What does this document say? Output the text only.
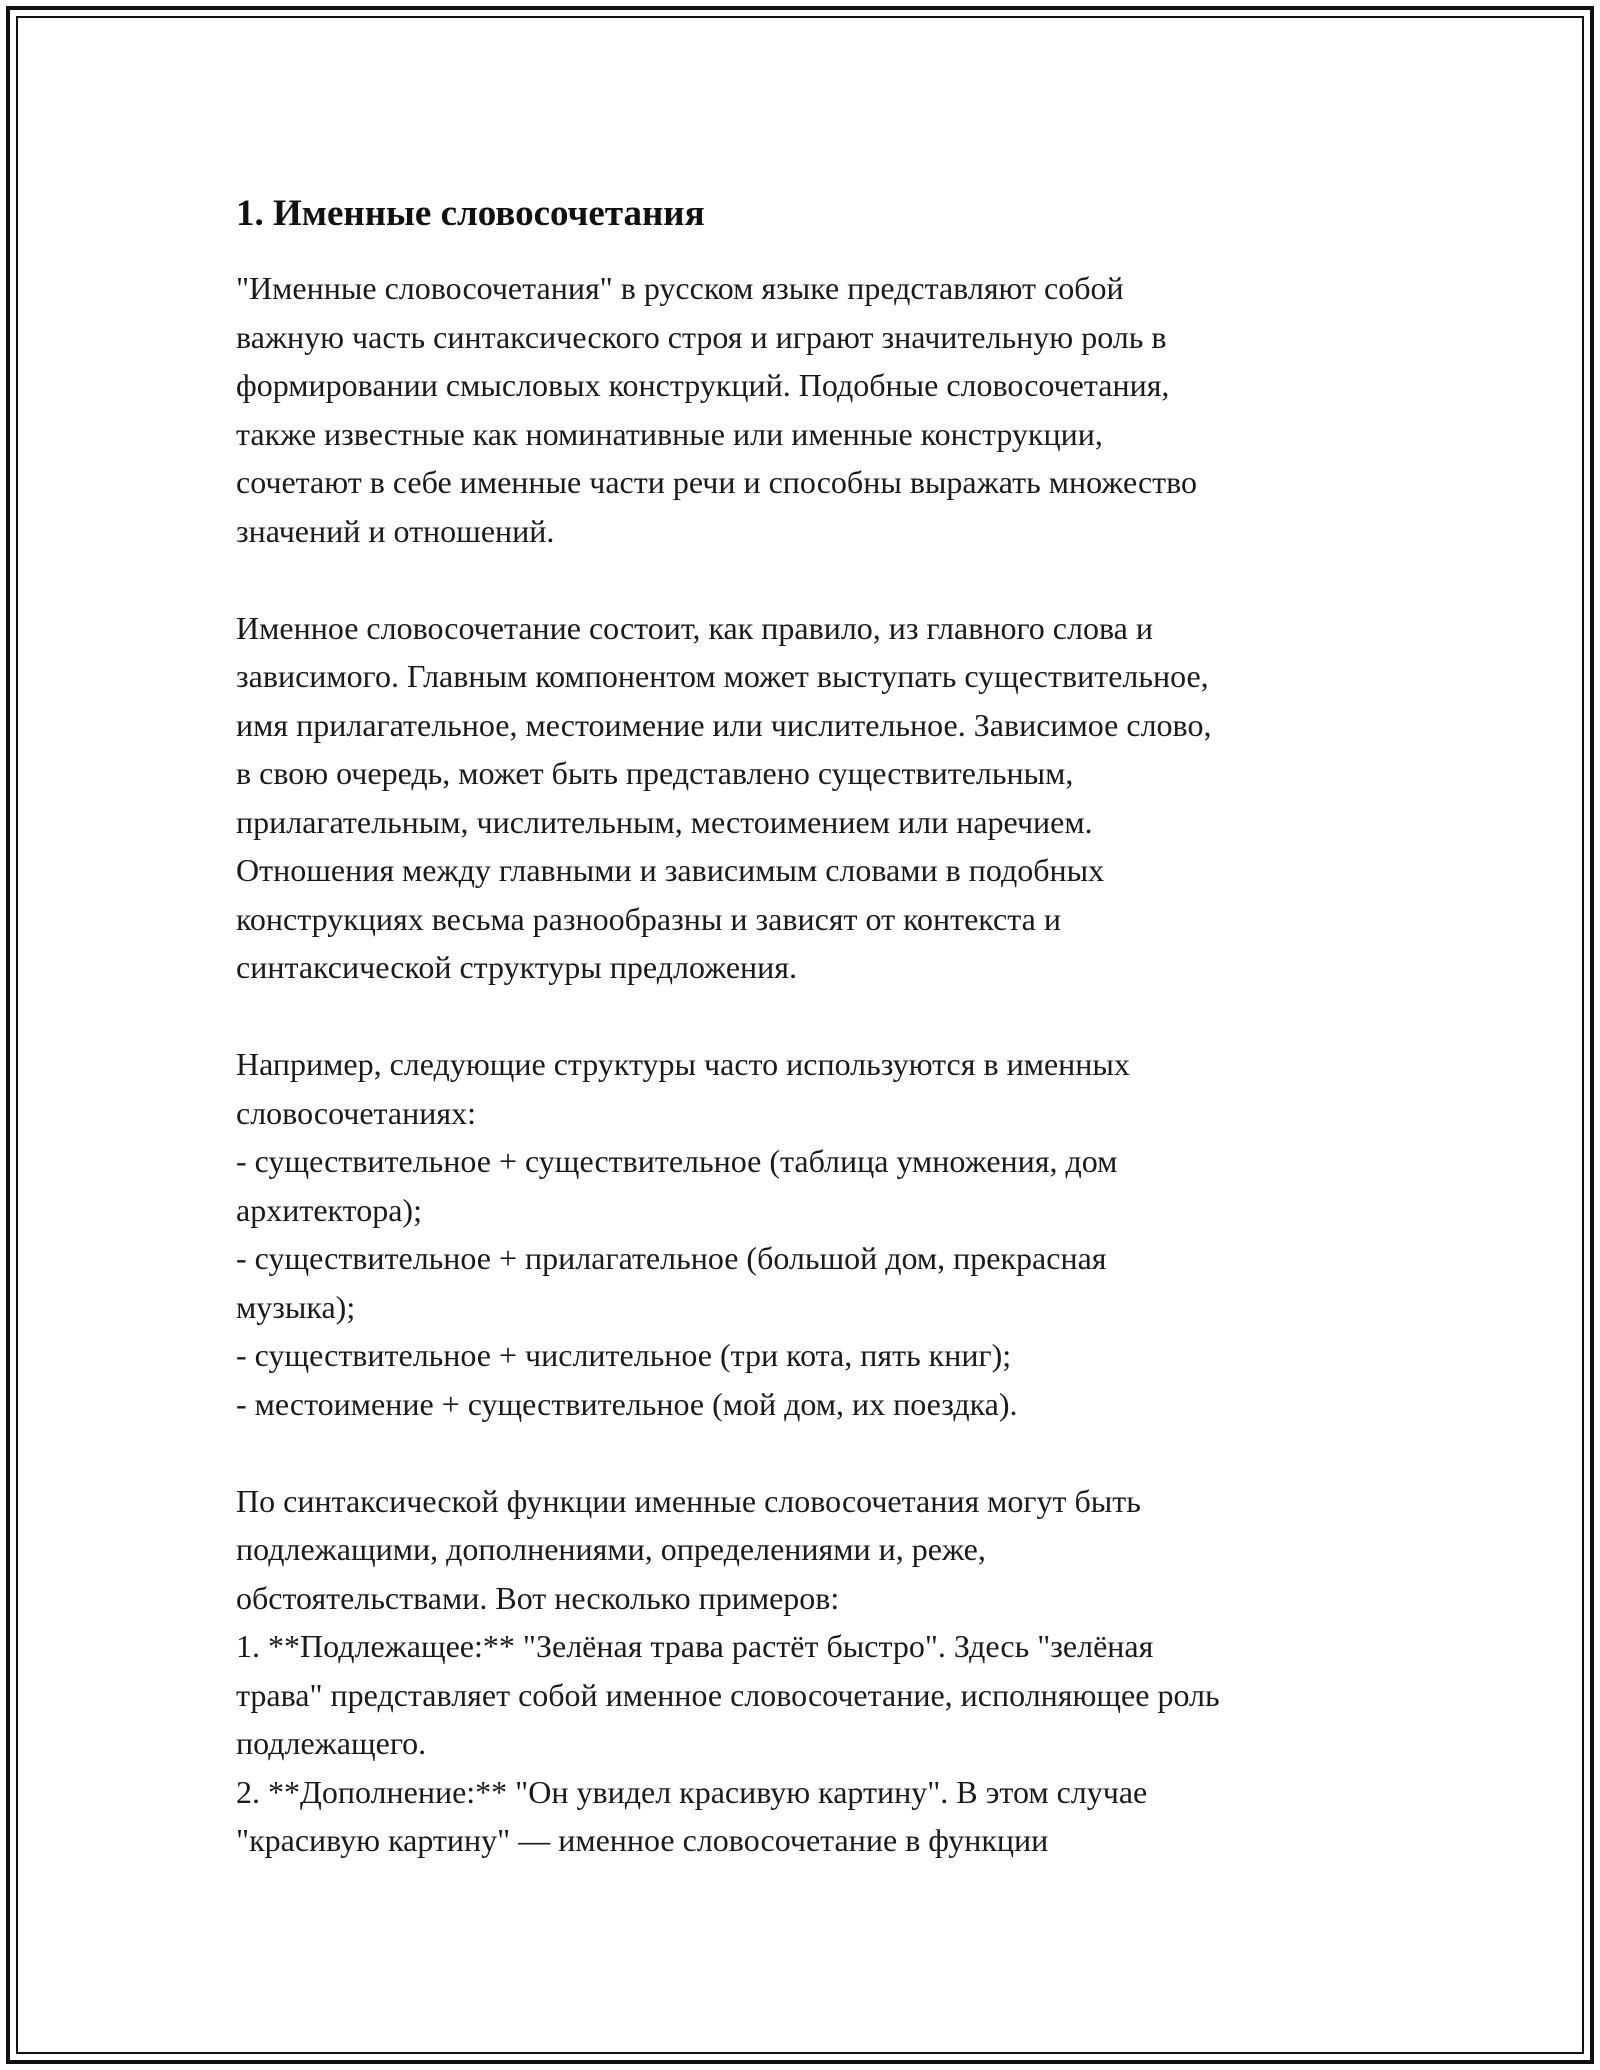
1. Именные словосочетания

"Именные словосочетания" в русском языке представляют собой
важную часть синтаксического строя и играют значительную роль в
формировании смысловых конструкций. Подобные словосочетания,
также известные как номинативные или именные конструкции,
сочетают в себе именные части речи и способны выражать множество
значений и отношений.

Именное словосочетание состоит, как правило, из главного слова и
зависимого. Главным компонентом может выступать существительное,
имя прилагательное, местоимение или числительное. Зависимое слово,
в свою очередь, может быть представлено существительным,
прилагательным, числительным, местоимением или наречием.
Отношения между главными и зависимым словами в подобных
конструкциях весьма разнообразны и зависят от контекста и
синтаксической структуры предложения.

Например, следующие структуры часто используются в именных
словосочетаниях:
- существительное + существительное (таблица умножения, дом
архитектора);
- существительное + прилагательное (большой дом, прекрасная
музыка);
- существительное + числительное (три кота, пять книг);
- местоимение + существительное (мой дом, их поездка).

По синтаксической функции именные словосочетания могут быть
подлежащими, дополнениями, определениями и, реже,
обстоятельствами. Вот несколько примеров:
1. **Подлежащее:** "Зелёная трава растёт быстро". Здесь "зелёная
трава" представляет собой именное словосочетание, исполняющее роль
подлежащего.
2. **Дополнение:** "Он увидел красивую картину". В этом случае
"красивую картину" — именное словосочетание в функции
